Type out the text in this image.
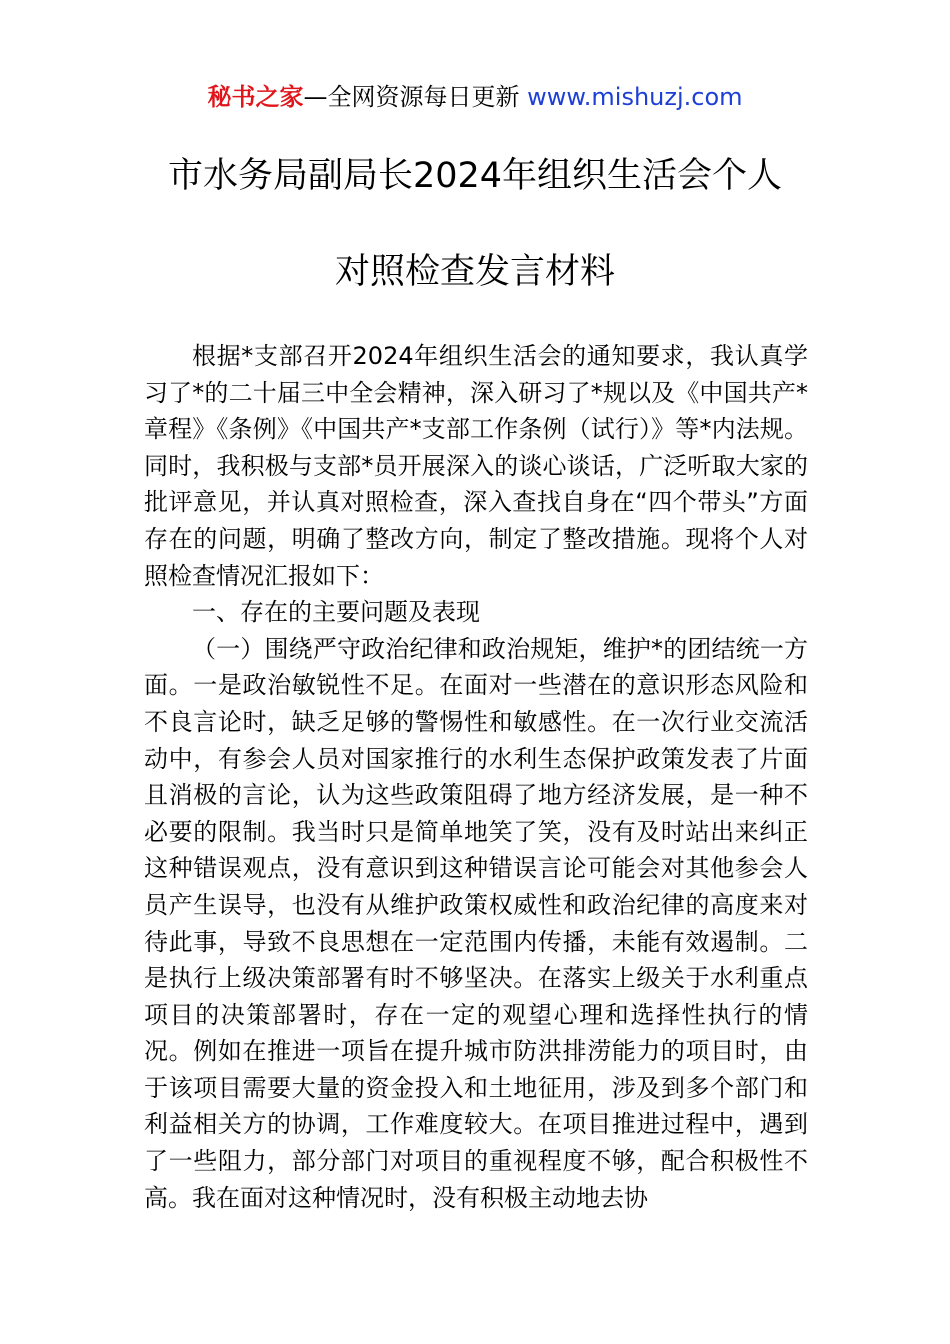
秘书之家—全网资源每日更新 www.mishuzj.com
市水务局副局长2024年组织生活会个人
对照检查发言材料

根据*支部召开2024年组织生活会的通知要求，我认真学习了*的二十届三中全会精神，深入研习了*规以及《中国共产*章程》《条例》《中国共产*支部工作条例（试行）》等*内法规。同时，我积极与支部*员开展深入的谈心谈话，广泛听取大家的批评意见，并认真对照检查，深入查找自身在“四个带头”方面存在的问题，明确了整改方向，制定了整改措施。现将个人对照检查情况汇报如下：

一、存在的主要问题及表现

（一）围绕严守政治纪律和政治规矩，维护*的团结统一方面。一是政治敏锐性不足。在面对一些潜在的意识形态风险和不良言论时，缺乏足够的警惕性和敏感性。在一次行业交流活动中，有参会人员对国家推行的水利生态保护政策发表了片面且消极的言论，认为这些政策阻碍了地方经济发展，是一种不必要的限制。我当时只是简单地笑了笑，没有及时站出来纠正这种错误观点，没有意识到这种错误言论可能会对其他参会人员产生误导，也没有从维护政策权威性和政治纪律的高度来对待此事，导致不良思想在一定范围内传播，未能有效遏制。二是执行上级决策部署有时不够坚决。在落实上级关于水利重点项目的决策部署时，存在一定的观望心理和选择性执行的情况。例如在推进一项旨在提升城市防洪排涝能力的项目时，由于该项目需要大量的资金投入和土地征用，涉及到多个部门和利益相关方的协调，工作难度较大。在项目推进过程中，遇到了一些阻力，部分部门对项目的重视程度不够，配合积极性不高。我在面对这种情况时，没有积极主动地去协
